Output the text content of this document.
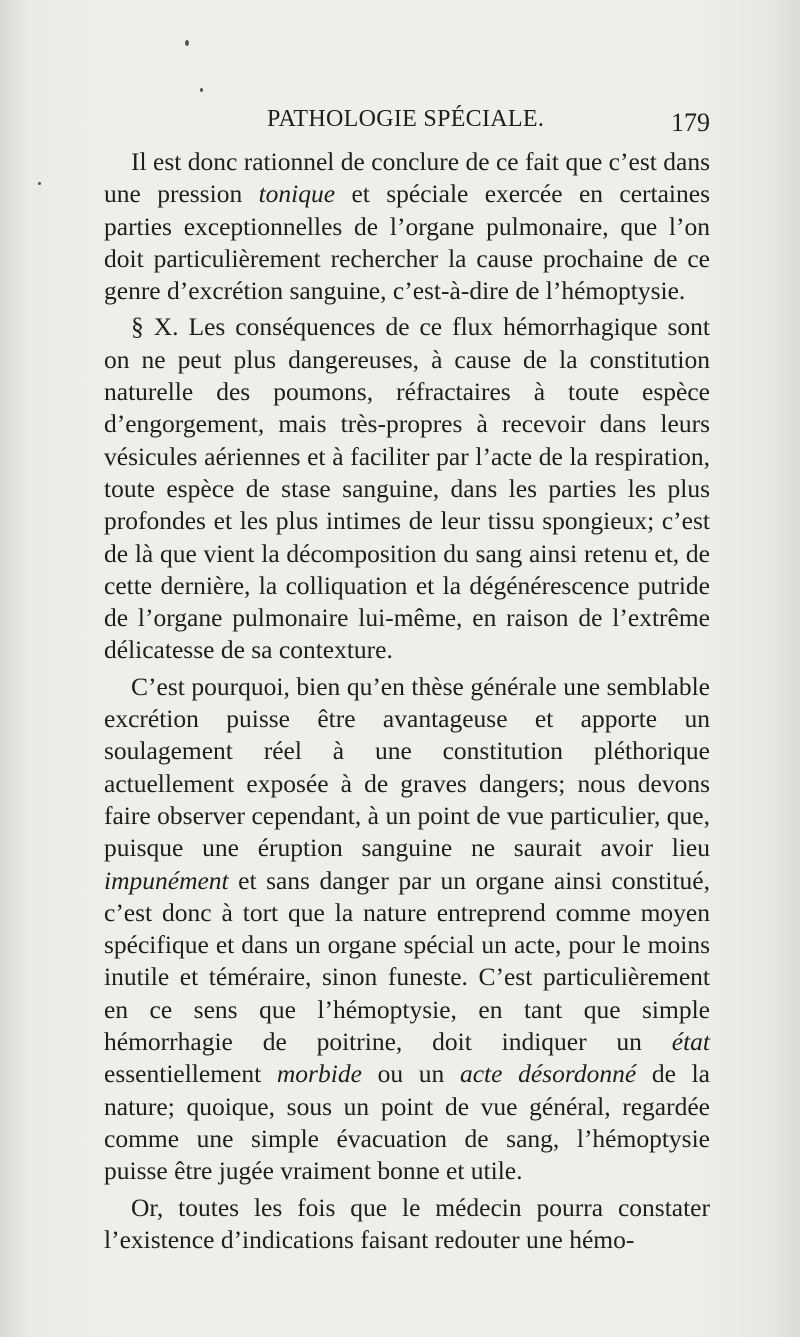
PATHOLOGIE SPÉCIALE.	179

Il est donc rationnel de conclure de ce fait que c’est dans une pression tonique et spéciale exercée en certaines parties exceptionnelles de l’organe pulmonaire, que l’on doit particulièrement rechercher la cause prochaine de ce genre d’excrétion sanguine, c’est-à-dire de l’hémoptysie.

§ X. Les conséquences de ce flux hémorrhagique sont on ne peut plus dangereuses, à cause de la constitution naturelle des poumons, réfractaires à toute espèce d’engorgement, mais très-propres à recevoir dans leurs vésicules aériennes et à faciliter par l’acte de la respiration, toute espèce de stase sanguine, dans les parties les plus profondes et les plus intimes de leur tissu spongieux; c’est de là que vient la décomposition du sang ainsi retenu et, de cette dernière, la colliquation et la dégénérescence putride de l’organe pulmonaire lui-même, en raison de l’extrême délicatesse de sa contexture.

C’est pourquoi, bien qu’en thèse générale une semblable excrétion puisse être avantageuse et apporte un soulagement réel à une constitution pléthorique actuellement exposée à de graves dangers; nous devons faire observer cependant, à un point de vue particulier, que, puisque une éruption sanguine ne saurait avoir lieu impunément et sans danger par un organe ainsi constitué, c’est donc à tort que la nature entreprend comme moyen spécifique et dans un organe spécial un acte, pour le moins inutile et téméraire, sinon funeste. C’est particulièrement en ce sens que l’hémoptysie, en tant que simple hémorrhagie de poitrine, doit indiquer un état essentiellement morbide ou un acte désordonné de la nature; quoique, sous un point de vue général, regardée comme une simple évacuation de sang, l’hémoptysie puisse être jugée vraiment bonne et utile.

Or, toutes les fois que le médecin pourra constater l’existence d’indications faisant redouter une hémo-
